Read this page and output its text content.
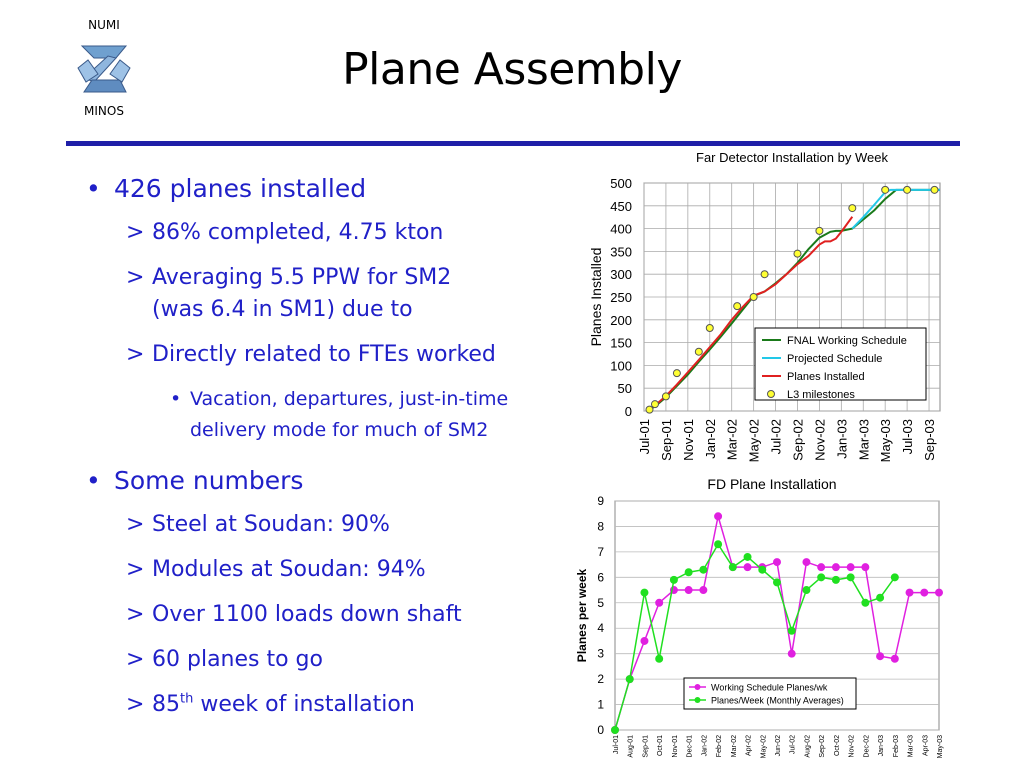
NUMI
MINOS
Plane Assembly
• 426 planes installed
> 86% completed, 4.75 kton
> Averaging 5.5 PPW for SM2
(was 6.4 in SM1) due to
> Directly related to FTEs worked
• Vacation, departures, just-in-time
delivery mode for much of SM2
• Some numbers
> Steel at Soudan: 90%
> Modules at Soudan: 94%
> Over 1100 loads down shaft
> 60 planes to go
> 85th week of installation
Far Detector Installation by Week
0
50
100
150
200
250
300
350
400
450
500
Jul-01 Sep-01 Nov-01 Jan-02 Mar-02 May-02 Jul-02 Sep-02 Nov-02 Jan-03 Mar-03 May-03 Jul-03 Sep-03
Planes Installed
FD Plane Installation
FNAL Working Schedule
Projected Schedule
Planes Installed
L3 milestones
0
1
2
3
4
5
6
7
8
9
Jul-01 Aug-01 Sep-01 Oct-01 Nov-01 Dec-01 Jan-02 Feb-02 Mar-02 Apr-02 May-02 Jun-02 Jul-02 Aug-02 Sep-02 Oct-02 Nov-02 Dec-02 Jan-03 Feb-03 Mar-03 Apr-03 May-03
Planes per week
Working Schedule Planes/wk
Planes/Week (Monthly Averages)
